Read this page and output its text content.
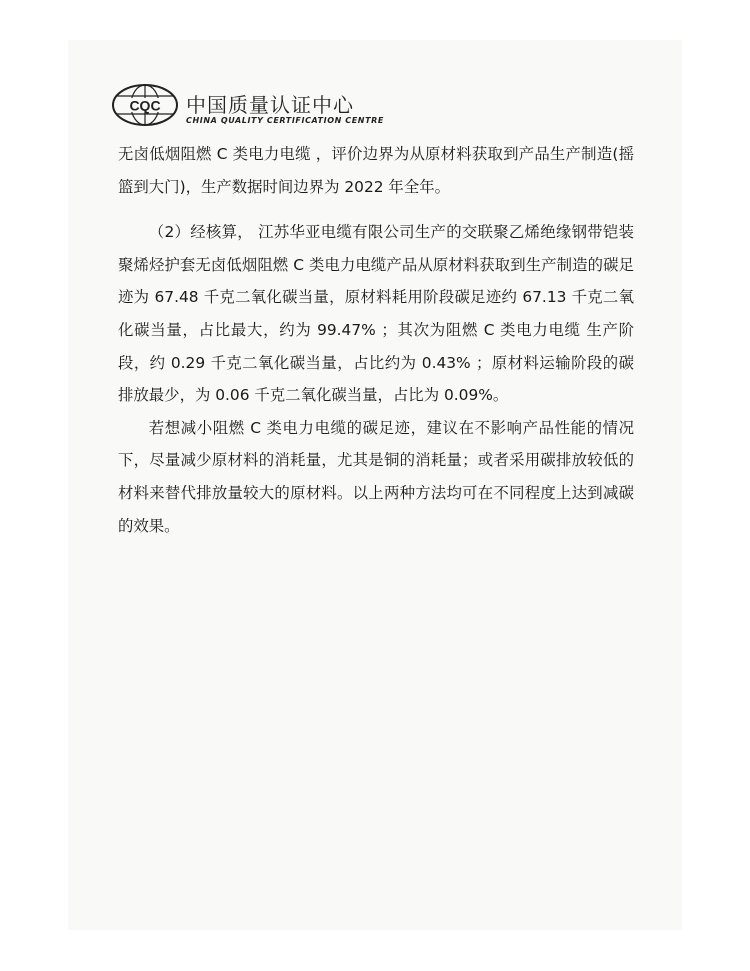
CQC 中国质量认证中心
CHINA QUALITY CERTIFICATION CENTRE

无卤低烟阻燃 C 类电力电缆 ，评价边界为从原材料获取到产品生产制造(摇篮到大门)，生产数据时间边界为 2022 年全年。

（2）经核算， 江苏华亚电缆有限公司生产的交联聚乙烯绝缘钢带铠装聚烯烃护套无卤低烟阻燃 C 类电力电缆产品从原材料获取到生产制造的碳足迹为 67.48 千克二氧化碳当量，原材料耗用阶段碳足迹约 67.13 千克二氧化碳当量，占比最大，约为 99.47% ；其次为阻燃 C 类电力电缆 生产阶段，约 0.29 千克二氧化碳当量，占比约为 0.43% ；原材料运输阶段的碳排放最少，为 0.06 千克二氧化碳当量，占比为 0.09%。

若想减小阻燃 C 类电力电缆的碳足迹，建议在不影响产品性能的情况下，尽量减少原材料的消耗量，尤其是铜的消耗量；或者采用碳排放较低的材料来替代排放量较大的原材料。以上两种方法均可在不同程度上达到减碳的效果。
